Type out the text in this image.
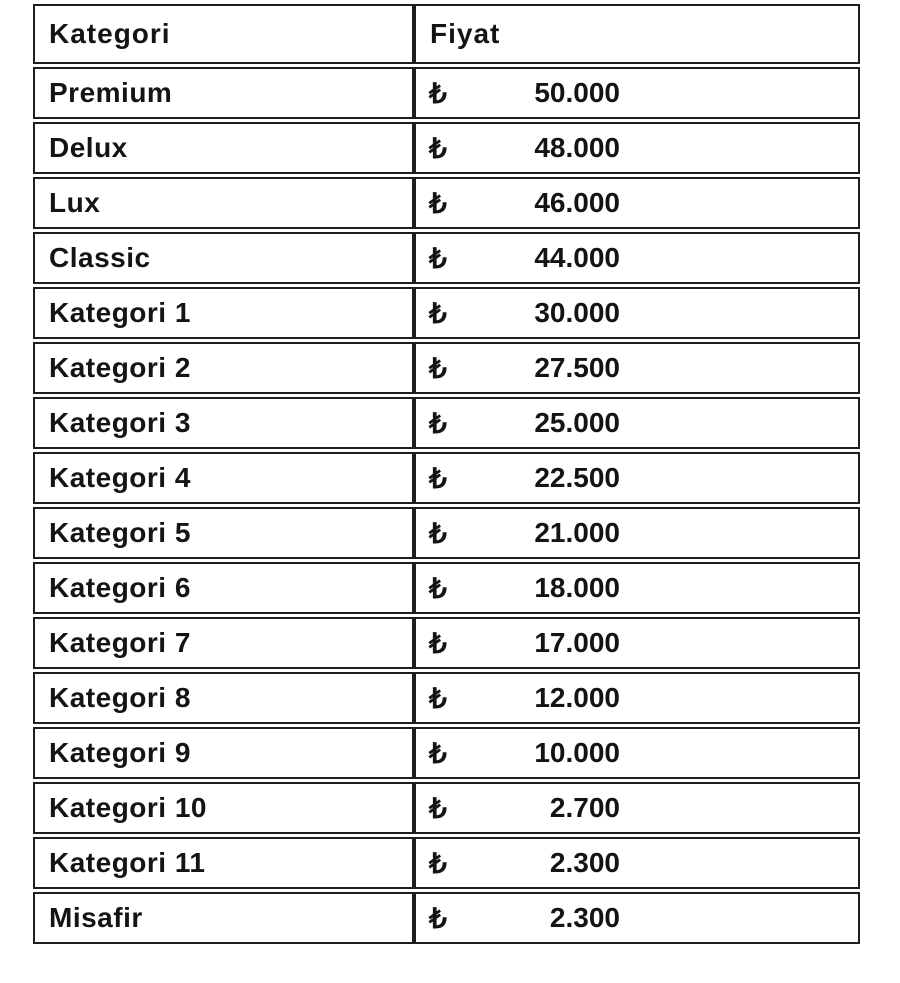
Kategori	Fiyat

Premium	₺ 50.000

Delux	₺ 48.000

Lux	₺ 46.000

Classic	₺ 44.000

Kategori 1	₺ 30.000

Kategori 2	₺ 27.500

Kategori 3	₺ 25.000

Kategori 4	₺ 22.500

Kategori 5	₺ 21.000

Kategori 6	₺ 18.000

Kategori 7	₺ 17.000

Kategori 8	₺ 12.000

Kategori 9	₺ 10.000

Kategori 10	₺ 2.700

Kategori 11	₺ 2.300

Misafir	₺ 2.300
